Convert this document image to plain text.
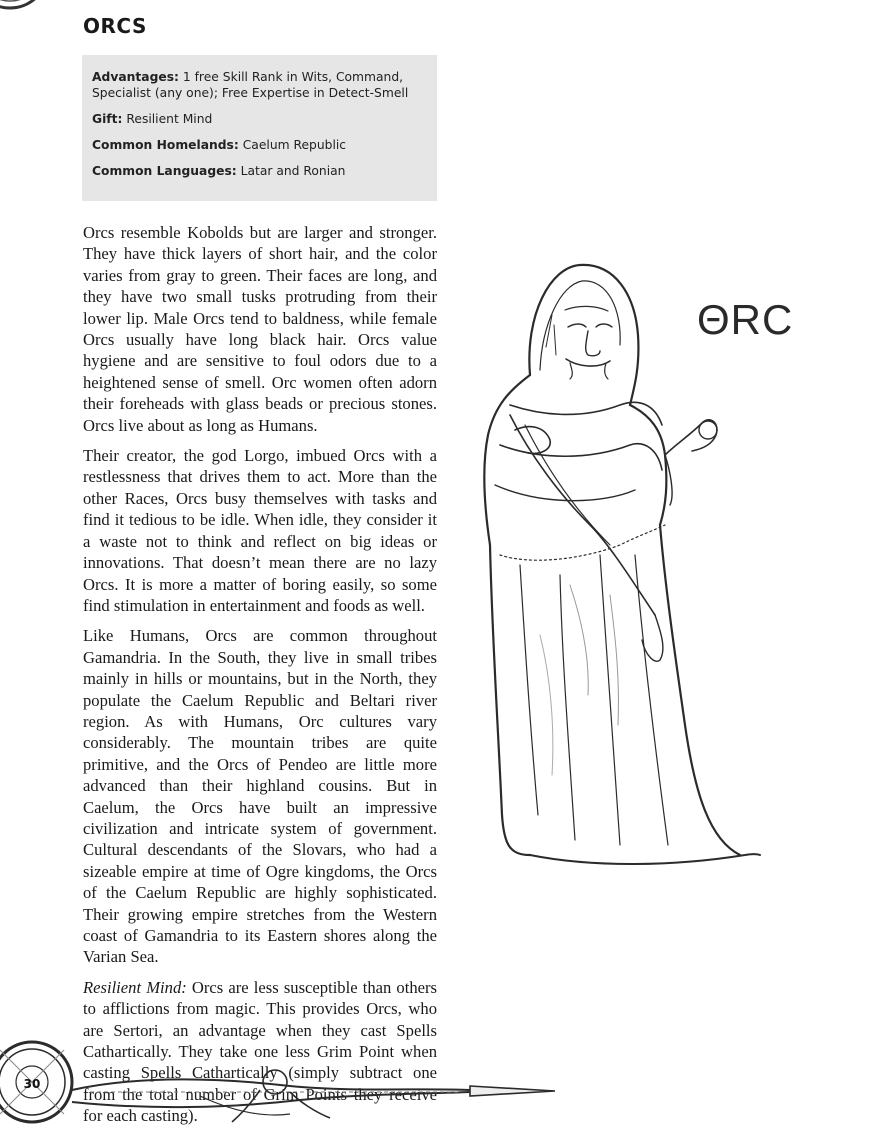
ORCS

Advantages: 1 free Skill Rank in Wits, Command, Specialist (any one); Free Expertise in Detect-Smell

Gift: Resilient Mind

Common Homelands: Caelum Republic

Common Languages: Latar and Ronian

Orcs resemble Kobolds but are larger and stronger. They have thick layers of short hair, and the color varies from gray to green. Their faces are long, and they have two small tusks protruding from their lower lip. Male Orcs tend to baldness, while female Orcs usually have long black hair. Orcs value hygiene and are sensitive to foul odors due to a heightened sense of smell. Orc women often adorn their foreheads with glass beads or precious stones. Orcs live about as long as Humans.

Their creator, the god Lorgo, imbued Orcs with a restlessness that drives them to act. More than the other Races, Orcs busy themselves with tasks and find it tedious to be idle. When idle, they consider it a waste not to think and reflect on big ideas or innovations. That doesn’t mean there are no lazy Orcs. It is more a matter of boring easily, so some find stimulation in entertainment and foods as well.

Like Humans, Orcs are common throughout Gamandria. In the South, they live in small tribes mainly in hills or mountains, but in the North, they populate the Caelum Republic and Beltari river region. As with Humans, Orc cultures vary considerably. The mountain tribes are quite primitive, and the Orcs of Pendeo are little more advanced than their highland cousins. But in Caelum, the Orcs have built an impressive civilization and intricate system of government. Cultural descendants of the Slovars, who had a sizeable empire at time of Ogre kingdoms, the Orcs of the Caelum Republic are highly sophisticated. Their growing empire stretches from the Western coast of Gamandria to its Eastern shores along the Varian Sea.

Resilient Mind: Orcs are less susceptible than others to afflictions from magic. This provides Orcs, who are Sertori, an advantage when they cast Spells Cathartically. They take one less Grim Point when casting Spells Cathartically (simply subtract one from the total number of Grim Points they receive for each casting).

ΘRC
30
